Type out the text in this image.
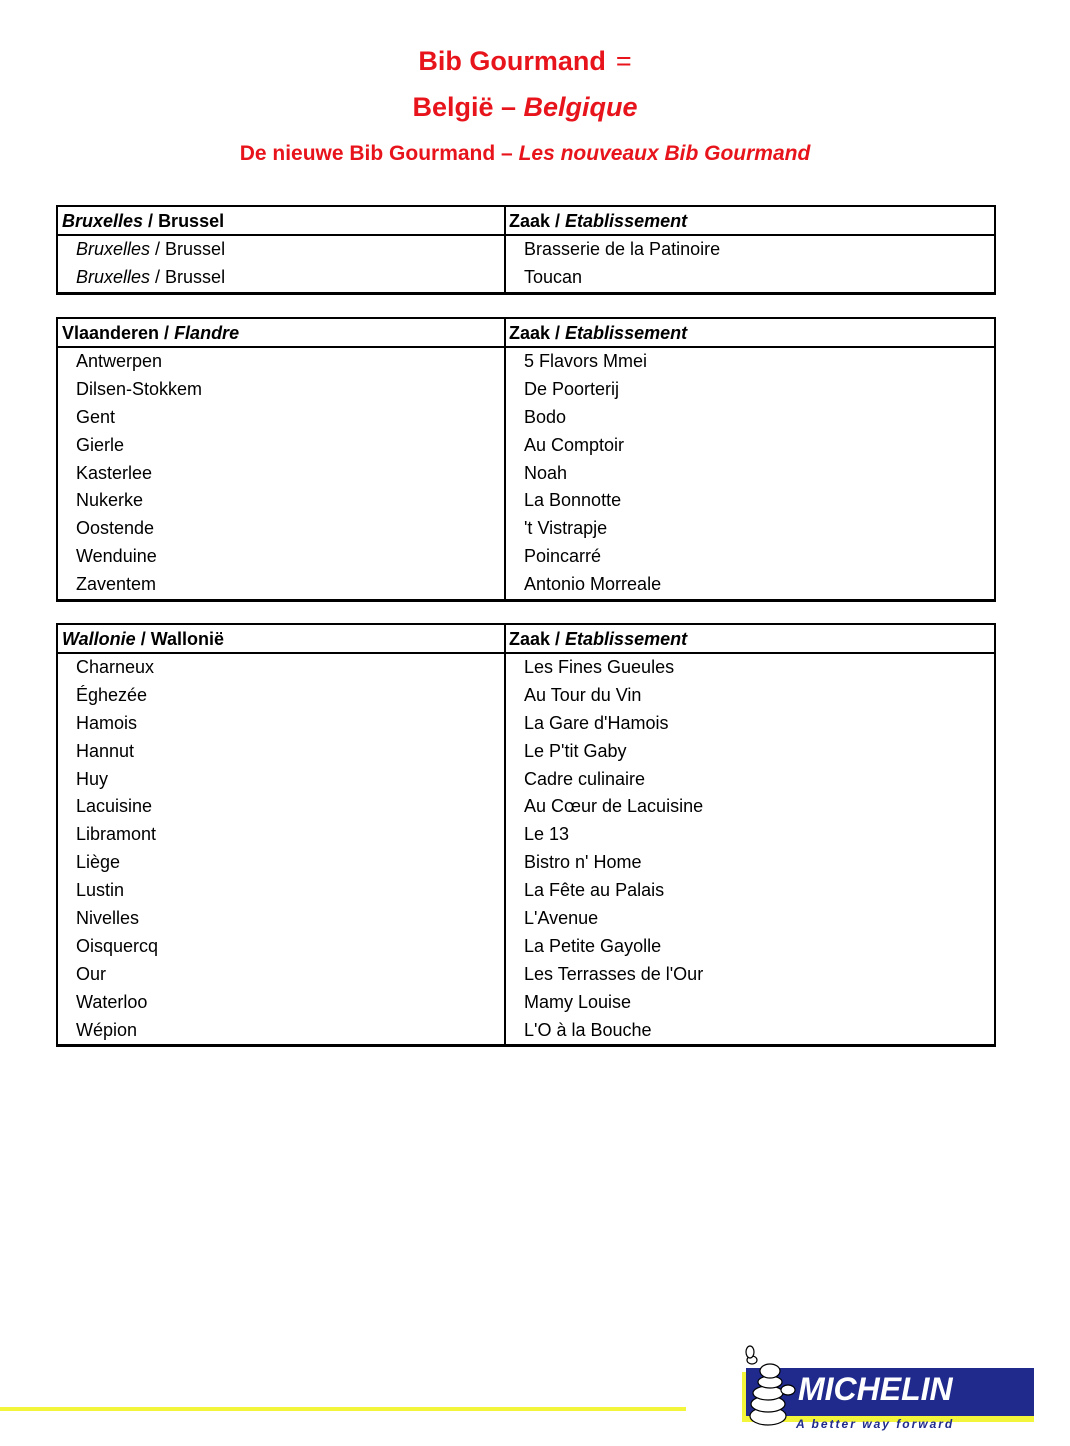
Bib Gourmand =
België – Belgique
De nieuwe Bib Gourmand – Les nouveaux Bib Gourmand
Bruxelles / Brussel	Zaak / Etablissement
Bruxelles / Brussel	Brasserie de la Patinoire
Bruxelles / Brussel	Toucan
Vlaanderen / Flandre	Zaak / Etablissement
Antwerpen	5 Flavors Mmei
Dilsen-Stokkem	De Poorterij
Gent	Bodo
Gierle	Au Comptoir
Kasterlee	Noah
Nukerke	La Bonnotte
Oostende	't Vistrapje
Wenduine	Poincarré
Zaventem	Antonio Morreale
Wallonie / Wallonië	Zaak / Etablissement
Charneux	Les Fines Gueules
Éghezée	Au Tour du Vin
Hamois	La Gare d'Hamois
Hannut	Le P'tit Gaby
Huy	Cadre culinaire
Lacuisine	Au Cœur de Lacuisine
Libramont	Le 13
Liège	Bistro n' Home
Lustin	La Fête au Palais
Nivelles	L'Avenue
Oisquercq	La Petite Gayolle
Our	Les Terrasses de l'Our
Waterloo	Mamy Louise
Wépion	L'O à la Bouche
MICHELIN
A better way forward
